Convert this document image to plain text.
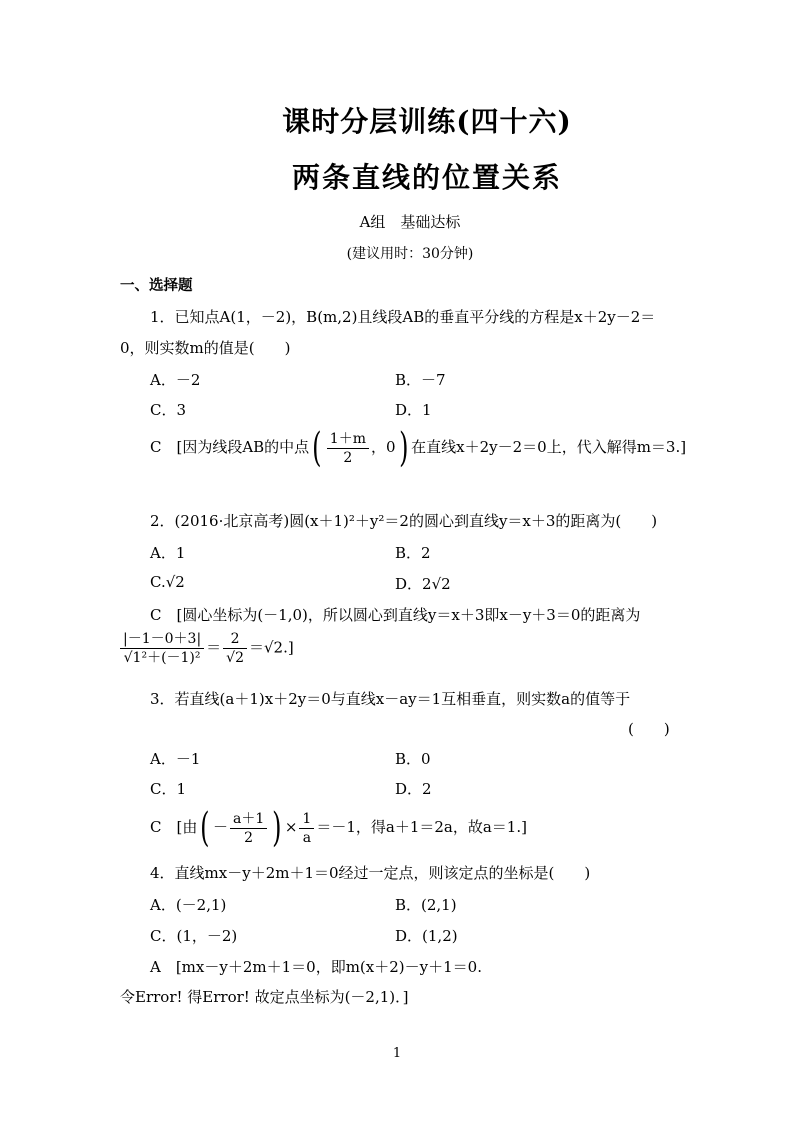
课时分层训练(四十六)
两条直线的位置关系
A组　基础达标
(建议用时：30分钟)
一、选择题
1．已知点A(1，－2)，B(m,2)且线段AB的垂直平分线的方程是x＋2y－2＝
0，则实数m的值是(　　)
A．－2	B．－7
C．3	D．1
C　[因为线段AB的中点( $\frac{1+m}{2}$ ，0) 在直线x＋2y－2＝0上，代入解得m＝3.]
2．(2016·北京高考)圆(x＋1)²＋y²＝2的圆心到直线y＝x＋3的距离为(　　)
A．1	B．2
C.√2	D．2√2
C　[圆心坐标为(－1,0)，所以圆心到直线y＝x＋3即x－y＋3＝0的距离为
$\frac{|-1-0+3|}{\text{√1²＋(－1)²}} = \frac{2}{√2} =√2$.]
3．若直线(a＋1)x＋2y＝0与直线x－ay＝1互相垂直，则实数a的值等于
(　　)
A．－1	B．0
C．1	D．2
C　[由( － $\frac{a+1}{2}$ ) × $\frac{1}{a} =-1$，得a＋1＝2a，故a＝1.]
4．直线mx－y＋2m＋1＝0经过一定点，则该定点的坐标是(　　)
A．(－2,1)	B．(2,1)
C．(1，－2)	D．(1,2)
A　[mx－y＋2m＋1＝0，即m(x＋2)－y＋1＝0.
令Error! 得Error! 故定点坐标为(－2,1)．]
1
